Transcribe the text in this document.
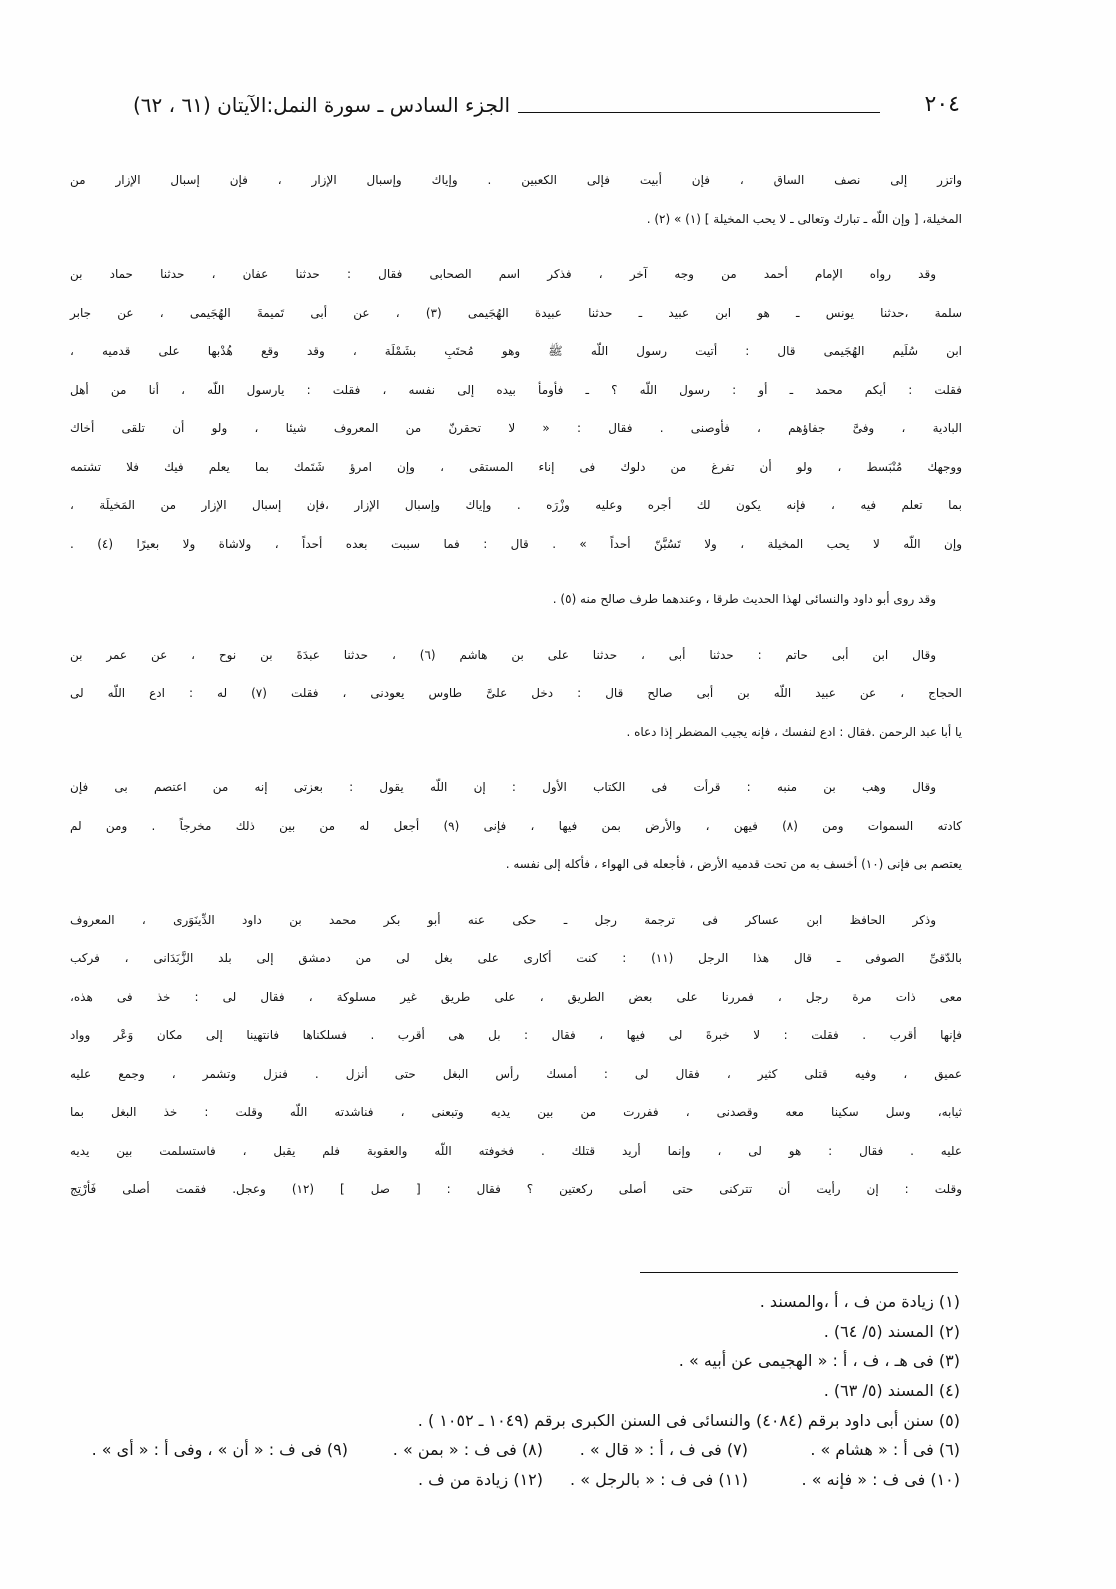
٢٠٤
الجزء السادس ـ سورة النمل:الآيتان (٦١ ، ٦٢)
واتزر إلى نصف الساق ، فإن أبيت فإلى الكعبين . وإياك وإسبال الإزار ، فإن إسبال الإزار من
المخيلة، [ وإن اللّه ـ تبارك وتعالى ـ لا يحب المخيلة ] (١) » (٢) .
وقد رواه الإمام أحمد من وجه آخر ، فذكر اسم الصحابى فقال : حدثنا عفان ، حدثنا حماد بن
سلمة ،حدثنا يونس ـ هو ابن عبيد ـ حدثنا عبيدة الهُجَيمى (٣) ، عن أبى تَميمةَ الهُجَيمى ، عن جابر
ابن سُلَيم الهُجَيمى قال : أتيت رسول اللّه ﷺ وهو مُحتَبِ بشَمْلَة ، وقد وقع هُدْبها على قدميه ،
فقلت : أيكم محمد ـ أو : رسول اللّه ؟ ـ فأومأ بيده إلى نفسه ، فقلت : يارسول اللّه ، أنا من أهل
البادية ، وفىَّ جفاؤهم ، فأوصنى . فقال : « لا تحقرنّ من المعروف شيئا ، ولو أن تلقى أخاك
ووجهك مُنْبَسط ، ولو أن تفرغ من دلوك فى إناء المستقى ، وإن امرؤ شَتَمك بما يعلم فيك فلا تشتمه
بما تعلم فيه ، فإنه يكون لك أجره وعليه وزْرَه . وإياك وإسبال الإزار ،فإن إسبال الإزار من المَخيلَة ،
وإن اللّه لا يحب المخيلة ، ولا تَسُبَّنّ أحداً » . قال : فما سببت بعده أحداً ، ولاشاة ولا بعيرًا (٤) .
وقد روى أبو داود والنسائى لهذا الحديث طرقا ، وعندهما طرف صالح منه (٥) .
وقال ابن أبى حاتم : حدثنا أبى ، حدثنا على بن هاشم (٦) ، حدثنا عبدَةَ بن نوح ، عن عمر بن
الحجاج ، عن عبيد اللّه بن أبى صالح قال : دخل علىَّ طاوس يعودنى ، فقلت (٧) له : ادع اللّه لى
يا أبا عبد الرحمن .فقال : ادع لنفسك ، فإنه يجيب المضطر إذا دعاه .
وقال وهب بن منبه : قرأت فى الكتاب الأول : إن اللّه يقول : بعزتى إنه من اعتصم بى فإن
كادته السموات ومن (٨) فيهن ، والأرض بمن فيها ، فإنى (٩) أجعل له من بين ذلك مخرجاً . ومن لم
يعتصم بى فإنى (١٠) أخسف به من تحت قدميه الأرض ، فأجعله فى الهواء ، فأكله إلى نفسه .
وذكر الحافظ ابن عساكر فى ترجمة رجل ـ حكى عنه أبو بكر محمد بن داود الدِّينَوَرى ، المعروف
بالدّقىِّ الصوفى ـ قال هذا الرجل (١١) : كنت أكارى على بغل لى من دمشق إلى بلد الزَّبَدَانى ، فركب
معى ذات مرة رجل ، فمررنا على بعض الطريق ، على طريق غير مسلوكة ، فقال لى : خذ فى هذه،
فإنها أقرب . فقلت : لا خبرةَ لى فيها ، فقال : بل هى أقرب . فسلكناها فانتهينا إلى مكان وَعْر وواد
عميق ، وفيه قتلى كثير ، فقال لى : أمسك رأس البغل حتى أنزل . فنزل وتشمر ، وجمع عليه
ثيابه، وسل سكينا معه وقصدنى ، ففررت من بين يديه وتبعنى ، فناشدته اللّه وقلت : خذ البغل بما
عليه . فقال : هو لى ، وإنما أريد قتلك . فخوفته اللّه والعقوبة فلم يقبل ، فاستسلمت بين يديه
وقلت : إن رأيت أن تتركنى حتى أصلى ركعتين ؟ فقال : [ صل ] (١٢) وعجل. فقمت أصلى فَأرْتِج
(١) زيادة من ف ، أ ،والمسند .
(٢) المسند (٥/ ٦٤) .
(٣) فى هـ ، ف ، أ : « الهجيمى عن أبيه » .
(٤) المسند (٥/ ٦٣) .
(٥) سنن أبى داود برقم (٤٠٨٤) والنسائى فى السنن الكبرى برقم (١٠٤٩ ـ ١٠٥٢ ) .
(٦) فى أ : « هشام » .
(٧) فى ف ، أ : « قال » .
(٨) فى ف : « بمن » .
(٩) فى ف : « أن » ، وفى أ : « أى » .
(١٠) فى ف : « فإنه » .
(١١) فى ف : « بالرجل » .
(١٢) زيادة من ف .
